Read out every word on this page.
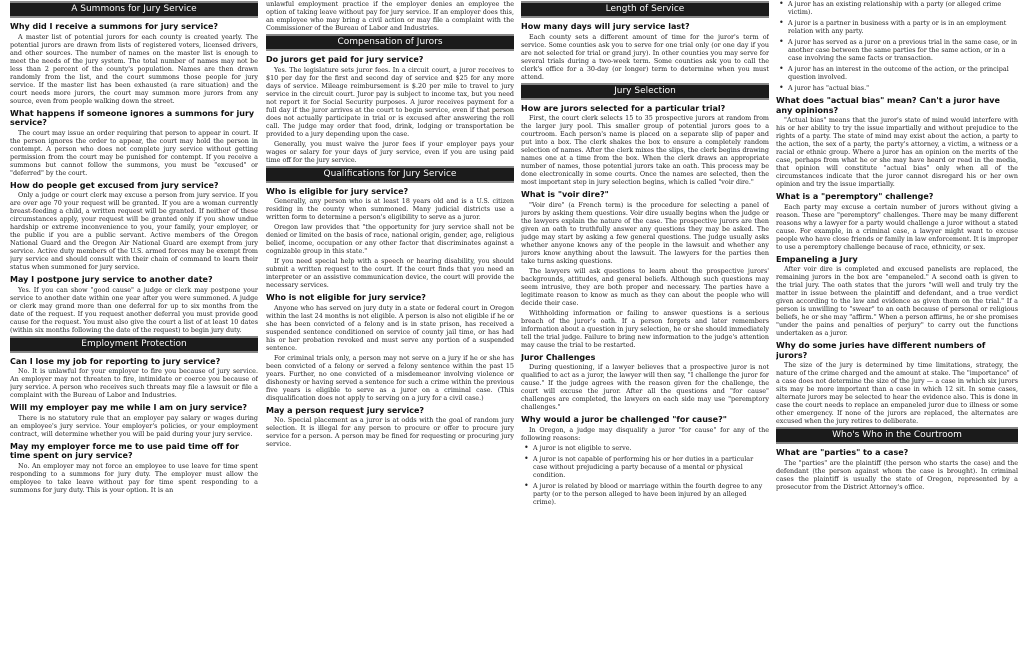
A Summons for Jury Service
Why did I receive a summons for jury service?

A master list of potential jurors for each county is created yearly. The potential jurors are drawn from lists of registered voters, licensed drivers, and other sources. The number of names on the master list is enough to meet the needs of the jury system. The total number of names may not be less than 2 percent of the county's population. Names are then drawn randomly from the list, and the court summons those people for jury service. If the master list has been exhausted (a rare situation) and the court needs more jurors, the court may summon more jurors from any source, even from people walking down the street.

What happens if someone ignores a summons for jury service?

The court may issue an order requiring that person to appear in court. If the person ignores the order to appear, the court may hold the person in contempt. A person who does not complete jury service without getting permission from the court may be punished for contempt. If you receive a summons but cannot follow the summons, you must be "excused" or "deferred" by the court.

How do people get excused from jury service?

Only a judge or court clerk may excuse a person from jury service. If you are over age 70 your request will be granted. If you are a woman currently breast-feeding a child, a written request will be granted. If neither of these circumstances apply, your request will be granted only if you show undue hardship or extreme inconvenience to you, your family, your employer, or the public if you are a public servant. Active members of the Oregon National Guard and the Oregon Air National Guard are exempt from jury service. Active duty members of the U.S. armed forces may be exempt from jury service and should consult with their chain of command to learn their status when summoned for jury service.

May I postpone jury service to another date?

Yes. If you can show "good cause" a judge or clerk may postpone your service to another date within one year after you were summoned. A judge or clerk may grand more than one deferral for up to six months from the date of the request. If you request another deferral you must provide good cause for the request. You must also give the court a list of at least 10 dates (within six months following the date of the request) to begin jury duty.

Employment Protection
Can I lose my job for reporting to jury service?

No. It is unlawful for your employer to fire you because of jury service. An employer may not threaten to fire, intimidate or coerce you because of jury service. A person who receives such threats may file a lawsuit or file a complaint with the Bureau of Labor and Industries.

Will my employer pay me while I am on jury service?

There is no statutory rule that an employer pay salary or wages during an employee's jury service. Your employer's policies, or your employment contract, will determine whether you will be paid during your jury service.

May my employer force me to use paid time off for time spent on jury service?

No. An employer may not force an employee to use leave for time spent responding to a summons for jury duty. The employer must allow the employee to take leave without pay for time spent responding to a summons for jury duty. This is your option. It is an

unlawful employment practice if the employer denies an employee the option of taking leave without pay for jury service. If an employer does this, an employee who may bring a civil action or may file a complaint with the Commissioner of the Bureau of Labor and Industries.

Compensation of Jurors
Do jurors get paid for jury service?

Yes. The legislature sets juror fees. In a circuit court, a juror receives to $10 per day for the first and second day of service and $25 for any more days of service. Mileage reimbursement is $.20 per mile to travel to jury service in the circuit court. Juror pay is subject to income tax, but you need not report it for Social Security purposes. A juror receives payment for a full day if the juror arrives at the court to begin service, even if that person does not actually participate in trial or is excused after answering the roll call. The judge may order that food, drink, lodging or transportation be provided to a jury depending upon the case.

Generally, you must waive the juror fees if your employer pays your wages or salary for your days of jury service, even if you are using paid time off for the jury service.

Qualifications for Jury Service
Who is eligible for jury service?

Generally, any person who is at least 18 years old and is a U.S. citizen residing in the county when summoned. Many judicial districts use a written form to determine a person's eligibility to serve as a juror.

Oregon law provides that "the opportunity for jury service shall not be denied or limited on the basis of race, national origin, gender, age, religious belief, income, occupation or any other factor that discriminates against a cognizable group in this state."

If you need special help with a speech or hearing disability, you should submit a written request to the court. If the court finds that you need an interpreter or an assistive communication device, the court will provide the necessary services.

Who is not eligible for jury service?

Anyone who has served on jury duty in a state or federal court in Oregon within the last 24 months is not eligible. A person is also not eligible if he or she has been convicted of a felony and is in state prison, has received a suspended sentence conditioned on service of county jail time, or has had his or her probation revoked and must serve any portion of a suspended sentence.

For criminal trials only, a person may not serve on a jury if he or she has been convicted of a felony or served a felony sentence within the past 15 years. Further, no one convicted of a misdemeanor involving violence or dishonesty or having served a sentence for such a crime within the previous five years is eligible to serve as a juror on a criminal case. (This disqualification does not apply to serving on a jury for a civil case.)

May a person request jury service?

No. Special placement as a juror is at odds with the goal of random jury selection. It is illegal for any person to procure or offer to procure jury service for a person. A person may be fined for requesting or procuring jury service.

Length of Service
How many days will jury service last?

Each county sets a different amount of time for the juror's term of service. Some counties ask you to serve for one trial only (or one day if you are not selected for trial or grand jury). In other counties you may serve for several trials during a two-week term. Some counties ask you to call the clerk's office for a 30-day (or longer) term to determine when you must attend.

Jury Selection
How are jurors selected for a particular trial?

First, the court clerk selects 15 to 35 prospective jurors at random from the larger jury pool. This smaller group of potential jurors goes to a courtroom. Each person's name is placed on a separate slip of paper and put into a box. The clerk shakes the box to ensure a completely random selection of names. After the clerk mixes the slips, the clerk begins drawing names one at a time from the box. When the clerk draws an appropriate number of names, those potential jurors take an oath. This process may be done electronically in some courts. Once the names are selected, then the most important step in jury selection begins, which is called "voir dire."

What is "voir dire?"

"Voir dire" (a French term) is the procedure for selecting a panel of jurors by asking them questions. Voir dire usually begins when the judge or the lawyers explain the nature of the case. The prospective jurors are then given an oath to truthfully answer any questions they may be asked. The judge may start by asking a few general questions. The judge usually asks whether anyone knows any of the people in the lawsuit and whether any jurors know anything about the lawsuit. The lawyers for the parties then take turns asking questions.

The lawyers will ask questions to learn about the prospective jurors' backgrounds, attitudes, and general beliefs. Although such questions may seem intrusive, they are both proper and necessary. The parties have a legitimate reason to know as much as they can about the people who will decide their case.

Withholding information or failing to answer questions is a serious breach of the juror's oath. If a person forgets and later remembers information about a question in jury selection, he or she should immediately tell the trial judge. Failure to bring new information to the judge's attention may cause the trial to be restarted.

Juror Challenges

During questioning, if a lawyer believes that a prospective juror is not qualified to act as a juror, the lawyer will then say, "I challenge the juror for cause." If the judge agrees with the reason given for the challenge, the court will excuse the juror. After all the questions and "for cause" challenges are completed, the lawyers on each side may use "peremptory challenges."

Why would a juror be challenged "for cause?"

In Oregon, a judge may disqualify a juror "for cause" for any of the following reasons:

• A juror is not eligible to serve.
• A juror is not capable of performing his or her duties in a particular case without prejudicing a party because of a mental or physical condition.
• A juror is related by blood or marriage within the fourth degree to any party (or to the person alleged to have been injured by an alleged crime).
• A juror has an existing relationship with a party (or alleged crime victim).
• A juror is a partner in business with a party or is in an employment relation with any party.
• A juror has served as a juror on a previous trial in the same case, or in another case between the same parties for the same action, or in a case involving the same facts or transaction.
• A juror has an interest in the outcome of the action, or the principal question involved.
• A juror has "actual bias."
What does "actual bias" mean? Can't a juror have any opinions?

"Actual bias" means that the juror's state of mind would interfere with his or her ability to try the issue impartially and without prejudice to the rights of a party. The state of mind may exist about the action, a party to the action, the sex of a party, the party's attorney, a victim, a witness or a racial or ethnic group. Where a juror has an opinion on the merits of the case, perhaps from what he or she may have heard or read in the media, that opinion will constitute "actual bias" only when all of the circumstances indicate that the juror cannot disregard his or her own opinion and try the issue impartially.

What is a "peremptory" challenge?

Each party may excuse a certain number of jurors without giving a reason. These are "peremptory" challenges. There may be many different reasons why a lawyer for a party would challenge a juror without a stated cause. For example, in a criminal case, a lawyer might want to excuse people who have close friends or family in law enforcement. It is improper to use a peremptory challenge because of race, ethnicity, or sex.

Empaneling a Jury

After voir dire is completed and excused panelists are replaced, the remaining jurors in the box are "empaneled." A second oath is given to the trial jury. The oath states that the jurors "will well and truly try the matter in issue between the plaintiff and defendant, and a true verdict given according to the law and evidence as given them on the trial." If a person is unwilling to "swear" to an oath because of personal or religious beliefs, he or she may "affirm." When a person affirms, he or she promises "under the pains and penalties of perjury" to carry out the functions undertaken as a juror.

Why do some juries have different numbers of jurors?

The size of the jury is determined by time limitations, strategy, the nature of the crime charged and the amount at stake. The "importance" of a case does not determine the size of the jury — a case in which six jurors sits may be more important than a case in which 12 sit. In some cases, alternate jurors may be selected to hear the evidence also. This is done in case the court needs to replace an empaneled juror due to illness or some other emergency. If none of the jurors are replaced, the alternates are excused when the jury retires to deliberate.

Who's Who in the Courtroom
What are "parties" to a case?

The "parties" are the plaintiff (the person who starts the case) and the defendant (the person against whom the case is brought). In criminal cases the plaintiff is usually the state of Oregon, represented by a prosecutor from the District Attorney's office.
